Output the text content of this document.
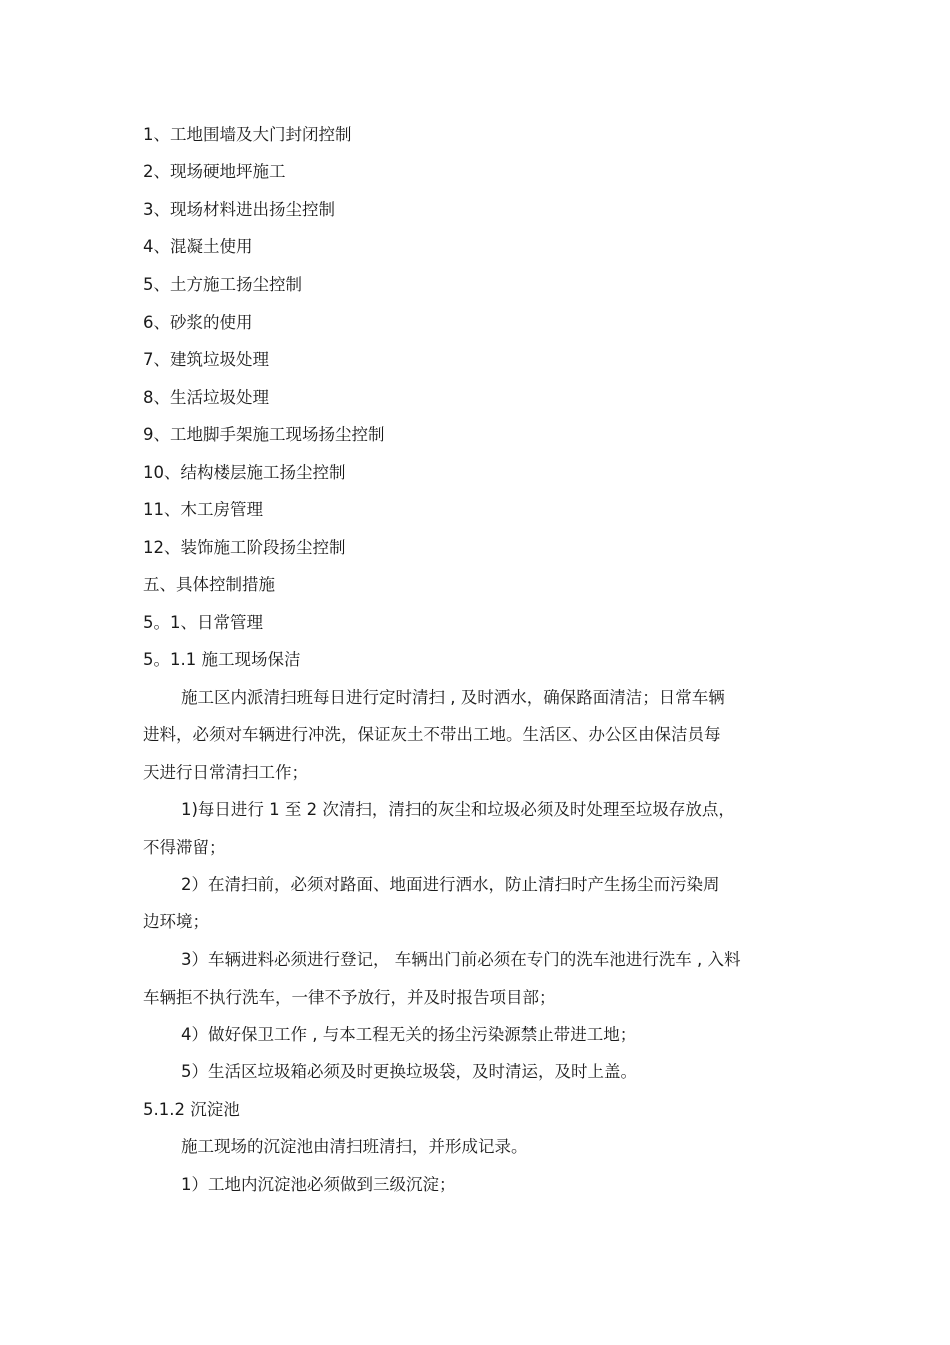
1、工地围墙及大门封闭控制
2、现场硬地坪施工
3、现场材料进出扬尘控制
4、混凝土使用
5、土方施工扬尘控制
6、砂浆的使用
7、建筑垃圾处理
8、生活垃圾处理
9、工地脚手架施工现场扬尘控制
10、结构楼层施工扬尘控制
11、木工房管理
12、装饰施工阶段扬尘控制
五、具体控制措施
5。1、日常管理
5。1.1 施工现场保洁
施工区内派清扫班每日进行定时清扫 , 及时洒水，确保路面清洁；日常车辆
进料，必须对车辆进行冲洗，保证灰土不带出工地。生活区、办公区由保洁员每
天进行日常清扫工作；
1)每日进行 1 至 2 次清扫，清扫的灰尘和垃圾必须及时处理至垃圾存放点，
不得滞留；
2）在清扫前，必须对路面、地面进行洒水，防止清扫时产生扬尘而污染周
边环境；
3）车辆进料必须进行登记， 车辆出门前必须在专门的洗车池进行洗车 , 入料
车辆拒不执行洗车，一律不予放行，并及时报告项目部；
4）做好保卫工作 , 与本工程无关的扬尘污染源禁止带进工地；
5）生活区垃圾箱必须及时更换垃圾袋，及时清运，及时上盖。
5.1.2 沉淀池
施工现场的沉淀池由清扫班清扫，并形成记录。
1）工地内沉淀池必须做到三级沉淀；
